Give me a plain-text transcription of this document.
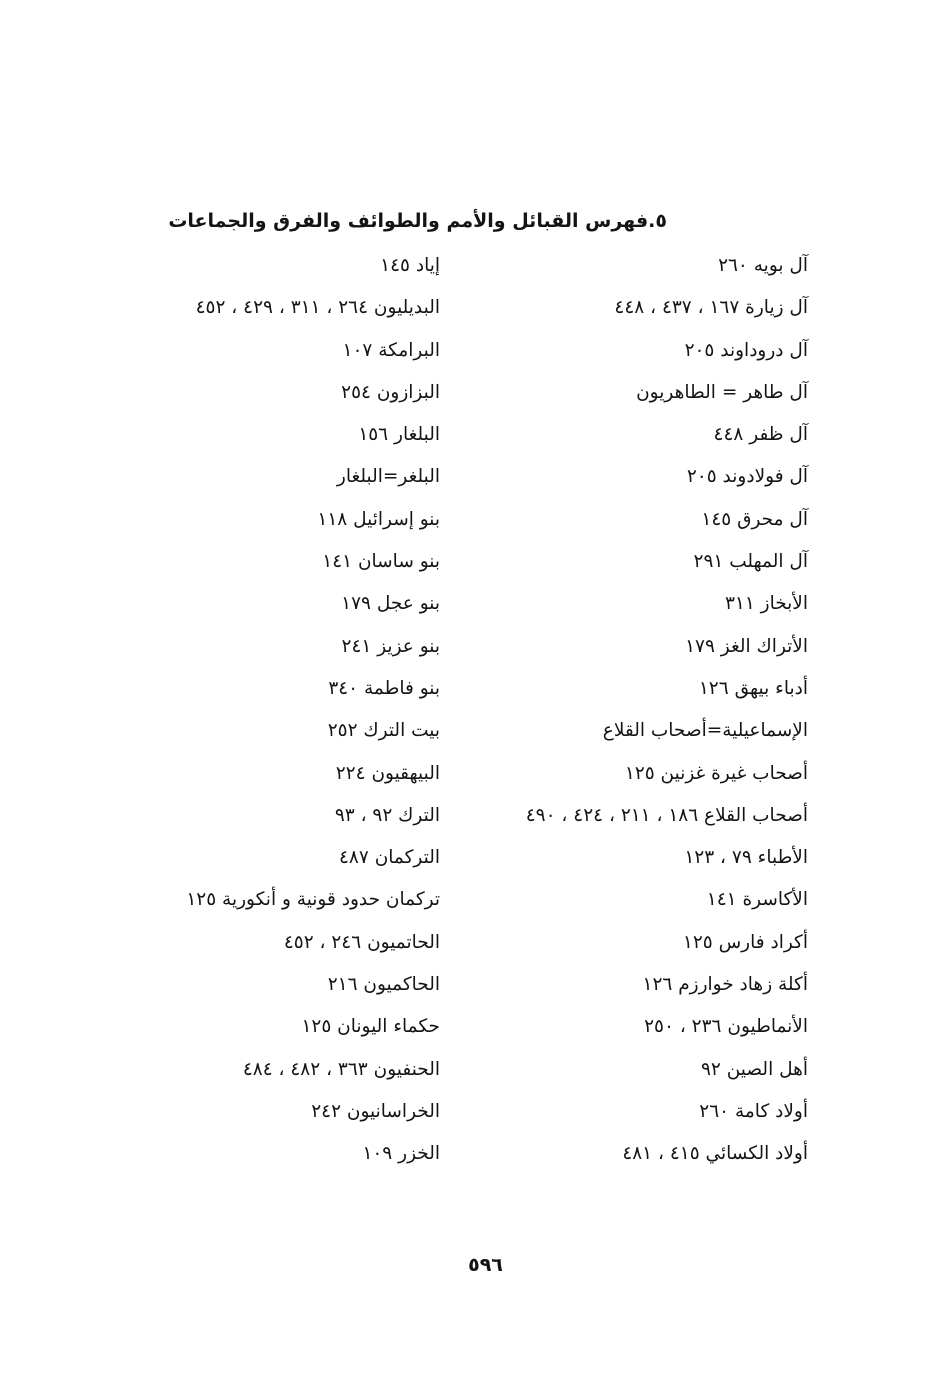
٥.فهرس القبائل والأمم والطوائف والفرق والجماعات
آل بويه ٢٦٠
آل زيارة ١٦٧ ، ٤٣٧ ، ٤٤٨
آل دروداوند ٢٠٥
آل طاهر = الطاهريون
آل ظفر ٤٤٨
آل فولادوند ٢٠٥
آل محرق ١٤٥
آل المهلب ٢٩١
الأبخاز ٣١١
الأتراك الغز ١٧٩
أدباء بيهق ١٢٦
الإسماعيلية=أصحاب القلاع
أصحاب غيرة غزنين ١٢٥
أصحاب القلاع ١٨٦ ، ٢١١ ، ٤٢٤ ، ٤٩٠
الأطباء ٧٩ ، ١٢٣
الأكاسرة ١٤١
أكراد فارس ١٢٥
أكلة زهاد خوارزم ١٢٦
الأنماطيون ٢٣٦ ، ٢٥٠
أهل الصين ٩٢
أولاد كامة ٢٦٠
أولاد الكسائي ٤١٥ ، ٤٨١
إياد ١٤٥
البديليون ٢٦٤ ، ٣١١ ، ٤٢٩ ، ٤٥٢
البرامكة ١٠٧
البزازون ٢٥٤
البلغار ١٥٦
البلغر=البلغار
بنو إسرائيل ١١٨
بنو ساسان ١٤١
بنو عجل ١٧٩
بنو عزيز ٢٤١
بنو فاطمة ٣٤٠
بيت الترك ٢٥٢
البيهقيون ٢٢٤
الترك ٩٢ ، ٩٣
التركمان ٤٨٧
تركمان حدود قونية و أنكورية ١٢٥
الحاتميون ٢٤٦ ، ٤٥٢
الحاكميون ٢١٦
حكماء اليونان ١٢٥
الحنفيون ٣٦٣ ، ٤٨٢ ، ٤٨٤
الخراسانيون ٢٤٢
الخزر ١٠٩
٥٩٦
